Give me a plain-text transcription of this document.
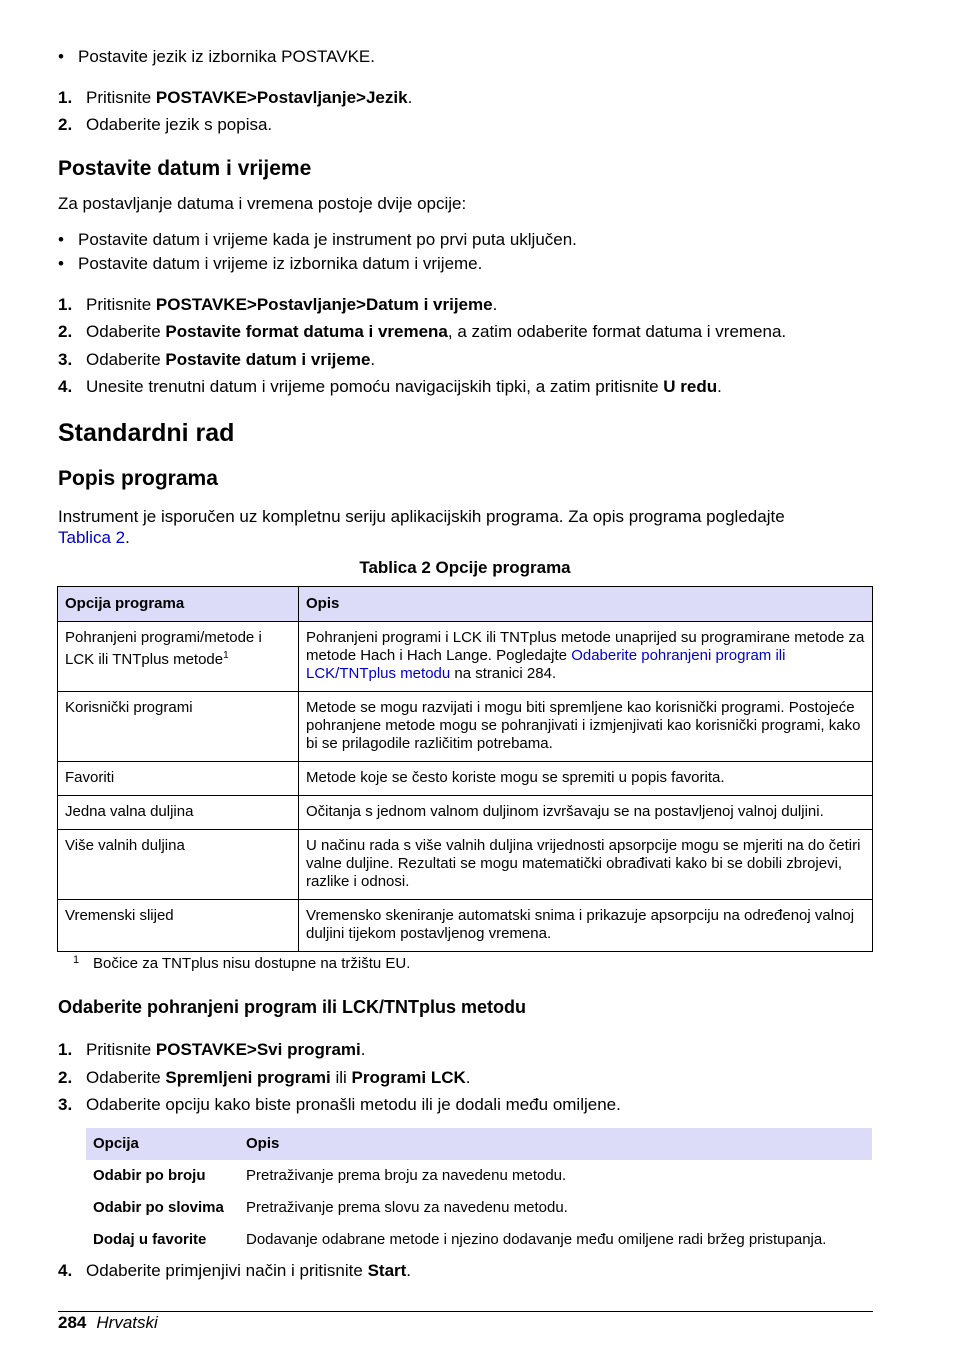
• Postavite jezik iz izbornika POSTAVKE.
1. Pritisnite POSTAVKE>Postavljanje>Jezik.
2. Odaberite jezik s popisa.
Postavite datum i vrijeme

Za postavljanje datuma i vremena postoje dvije opcije:

• Postavite datum i vrijeme kada je instrument po prvi puta uključen.
• Postavite datum i vrijeme iz izbornika datum i vrijeme.
1. Pritisnite POSTAVKE>Postavljanje>Datum i vrijeme.
2. Odaberite Postavite format datuma i vremena, a zatim odaberite format datuma i vremena.
3. Odaberite Postavite datum i vrijeme.
4. Unesite trenutni datum i vrijeme pomoću navigacijskih tipki, a zatim pritisnite U redu.
Standardni rad
Popis programa

Instrument je isporučen uz kompletnu seriju aplikacijskih programa. Za opis programa pogledajte
Tablica 2.

Tablica 2 Opcije programa
Opcija programa	Opis
Pohranjeni programi/metode i LCK ili TNTplus metode$^1$	Pohranjeni programi i LCK ili TNTplus metode unaprijed su programirane metode za metode Hach i Hach Lange. Pogledajte Odaberite pohranjeni program ili LCK/TNTplus metodu na stranici 284.
Korisnički programi	Metode se mogu razvijati i mogu biti spremljene kao korisnički programi. Postojeće pohranjene metode mogu se pohranjivati i izmjenjivati kao korisnički programi, kako bi se prilagodile različitim potrebama.
Favoriti	Metode koje se često koriste mogu se spremiti u popis favorita.
Jedna valna duljina	Očitanja s jednom valnom duljinom izvršavaju se na postavljenoj valnoj duljini.
Više valnih duljina	U načinu rada s više valnih duljina vrijednosti apsorpcije mogu se mjeriti na do četiri valne duljine. Rezultati se mogu matematički obrađivati kako bi se dobili zbrojevi, razlike i odnosi.
Vremenski slijed	Vremensko skeniranje automatski snima i prikazuje apsorpciju na određenoj valnoj duljini tijekom postavljenog vremena.
1 Bočice za TNTplus nisu dostupne na tržištu EU.
Odaberite pohranjeni program ili LCK/TNTplus metodu
1. Pritisnite POSTAVKE>Svi programi.
2. Odaberite Spremljeni programi ili Programi LCK.
3. Odaberite opciju kako biste pronašli metodu ili je dodali među omiljene.
Opcija	Opis
Odabir po broju	Pretraživanje prema broju za navedenu metodu.
Odabir po slovima	Pretraživanje prema slovu za navedenu metodu.
Dodaj u favorite	Dodavanje odabrane metode i njezino dodavanje među omiljene radi bržeg pristupanja.
4. Odaberite primjenjivi način i pritisnite Start.
284 Hrvatski
